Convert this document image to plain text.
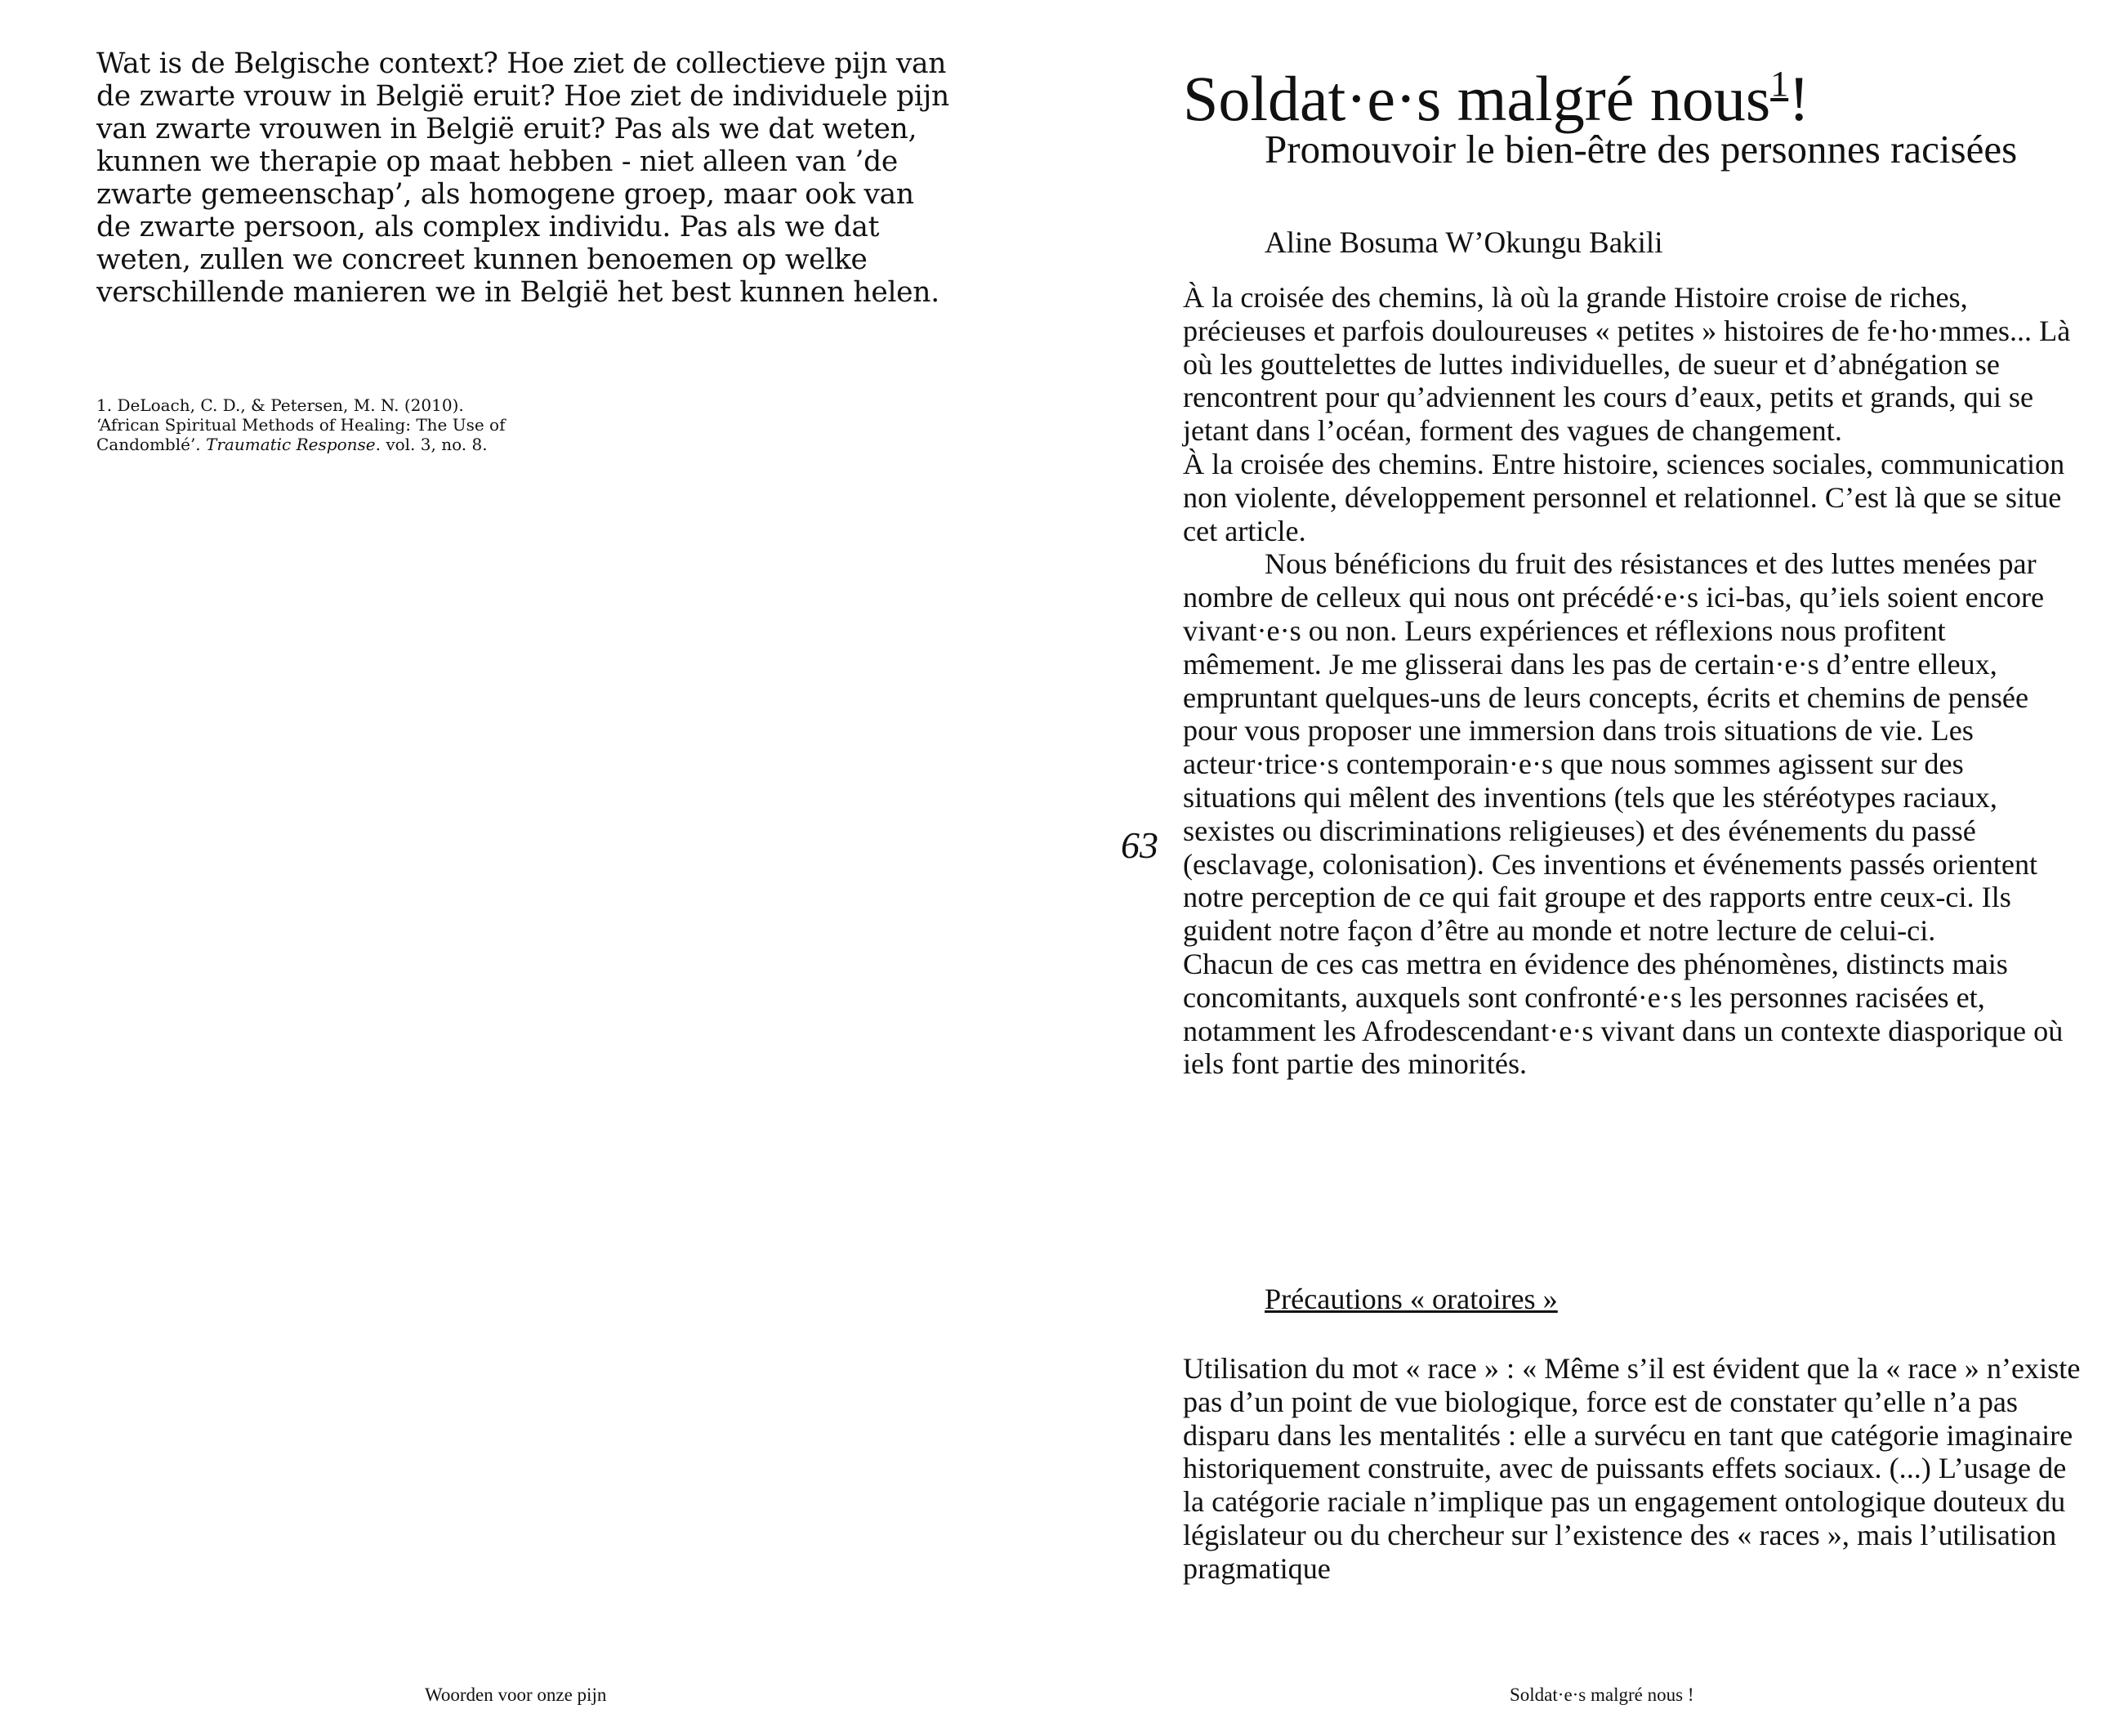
Wat is de Belgische context? Hoe ziet de collectieve pijn van de zwarte vrouw in België eruit? Hoe ziet de individuele pijn van zwarte vrouwen in België eruit? Pas als we dat weten, kunnen we therapie op maat hebben - niet alleen van ’de zwarte gemeenschap’, als homogene groep, maar ook van de zwarte persoon, als complex individu. Pas als we dat weten, zullen we concreet kunnen benoemen op welke verschillende manieren we in België het best kunnen helen.

1. DeLoach, C. D., & Petersen, M. N. (2010). ‘African Spiritual Methods of Healing: The Use of Candomblé’. Traumatic Response. vol. 3, no. 8.

Woorden voor onze pijn
63
Soldat·e·s malgré nous$^1$!
Promouvoir le bien-être des personnes racisées

Aline Bosuma W’Okungu Bakili

À la croisée des chemins, là où la grande Histoire croise de riches, précieuses et parfois douloureuses « petites » histoires de fe·ho·mmes... Là où les gouttelettes de luttes individuelles, de sueur et d’abnégation se rencontrent pour qu’adviennent les cours d’eaux, petits et grands, qui se jetant dans l’océan, forment des vagues de changement.

À la croisée des chemins. Entre histoire, sciences sociales, communication non violente, développement personnel et relationnel. C’est là que se situe cet article.

Nous bénéficions du fruit des résistances et des luttes menées par nombre de celleux qui nous ont précédé·e·s ici-bas, qu’iels soient encore vivant·e·s ou non. Leurs expériences et réflexions nous profitent mêmement. Je me glisserai dans les pas de certain·e·s d’entre elleux, empruntant quelques-uns de leurs concepts, écrits et chemins de pensée pour vous proposer une immersion dans trois situations de vie. Les acteur·trice·s contemporain·e·s que nous sommes agissent sur des situations qui mêlent des inventions (tels que les stéréotypes raciaux, sexistes ou discriminations religieuses) et des événements du passé (esclavage, colonisation). Ces inventions et événements passés orientent notre perception de ce qui fait groupe et des rapports entre ceux-ci. Ils guident notre façon d’être au monde et notre lecture de celui-ci.

Chacun de ces cas mettra en évidence des phénomènes, distincts mais concomitants, auxquels sont confronté·e·s les personnes racisées et, notamment les Afrodescendant·e·s vivant dans un contexte diasporique où iels font partie des minorités.

Précautions « oratoires »

Utilisation du mot « race » : « Même s’il est évident que la « race » n’existe pas d’un point de vue biologique, force est de constater qu’elle n’a pas disparu dans les mentalités : elle a survécu en tant que catégorie imaginaire historiquement construite, avec de puissants effets sociaux. (...) L’usage de la catégorie raciale n’implique pas un engagement ontologique douteux du législateur ou du chercheur sur l’existence des « races », mais l’utilisation pragmatique

Soldat·e·s malgré nous !
